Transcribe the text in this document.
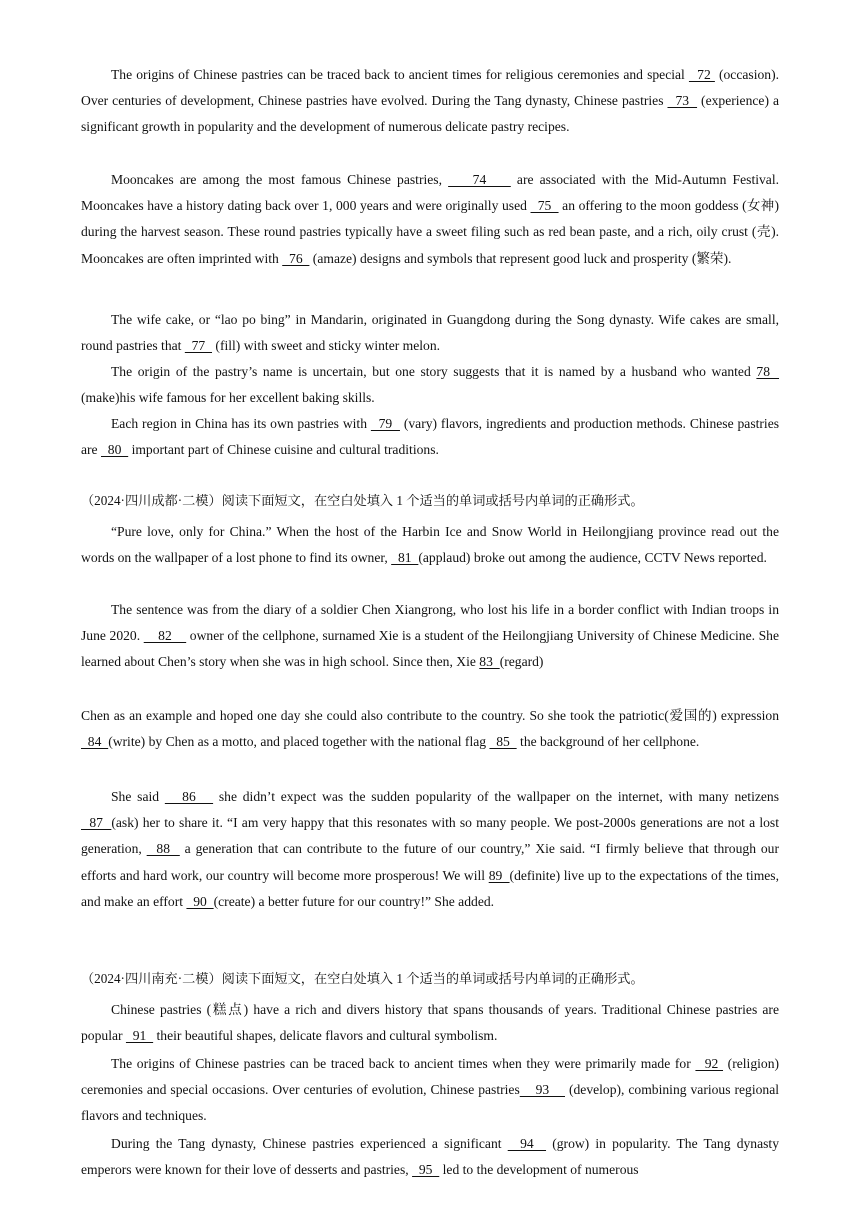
The origins of Chinese pastries can be traced back to ancient times for religious ceremonies and special   72  (occasion). Over centuries of development, Chinese pastries have evolved. During the Tang dynasty, Chinese pastries   73   (experience) a significant growth in popularity and the development of numerous delicate pastry recipes.

Mooncakes are among the most famous Chinese pastries,     74     are associated with the Mid-Autumn Festival. Mooncakes have a history dating back over 1, 000 years and were originally used   75   an offering to the moon goddess (女神) during the harvest season. These round pastries typically have a sweet filing such as red bean paste, and a rich, oily crust (壳). Mooncakes are often imprinted with   76   (amaze) designs and symbols that represent good luck and prosperity (繁荣).

The wife cake, or “lao po bing” in Mandarin, originated in Guangdong during the Song dynasty. Wife cakes are small, round pastries that   77   (fill) with sweet and sticky winter melon.

The origin of the pastry’s name is uncertain, but one story suggests that it is named by a husband who wanted 78   (make)his wife famous for her excellent baking skills.

Each region in China has its own pastries with   79   (vary) flavors, ingredients and production methods. Chinese pastries are   80   important part of Chinese cuisine and cultural traditions.

（2024·四川成都·二模）阅读下面短文，在空白处填入 1 个适当的单词或括号内单词的正确形式。

“Pure love, only for China.” When the host of the Harbin Ice and Snow World in Heilongjiang province read out the words on the wallpaper of a lost phone to find its owner,   81  (applaud) broke out among the audience, CCTV News reported.

The sentence was from the diary of a soldier Chen Xiangrong, who lost his life in a border conflict with Indian troops in June 2020.     82     owner of the cellphone, surnamed Xie is a student of the Heilongjiang University of Chinese Medicine. She learned about Chen’s story when she was in high school. Since then, Xie 83  (regard)

Chen as an example and hoped one day she could also contribute to the country. So she took the patriotic(爱国的) expression   84  (write) by Chen as a motto, and placed together with the national flag   85   the background of her cellphone.

She said    86    she didn’t expect was the sudden popularity of the wallpaper on the internet, with many netizens   87  (ask) her to share it. “I am very happy that this resonates with so many people. We post-2000s generations are not a lost generation,   88   a generation that can contribute to the future of our country,” Xie said. “I firmly believe that through our efforts and hard work, our country will become more prosperous! We will 89  (definite) live up to the expectations of the times, and make an effort   90  (create) a better future for our country!” She added.

（2024·四川南充·二模）阅读下面短文，在空白处填入 1 个适当的单词或括号内单词的正确形式。

Chinese pastries (糕点) have a rich and divers history that spans thousands of years. Traditional Chinese pastries are popular   91   their beautiful shapes, delicate flavors and cultural symbolism.

The origins of Chinese pastries can be traced back to ancient times when they were primarily made for   92  (religion) ceremonies and special occasions. Over centuries of evolution, Chinese pastries    93     (develop), combining various regional flavors and techniques.

During the Tang dynasty, Chinese pastries experienced a significant   94   (grow) in popularity. The Tang dynasty emperors were known for their love of desserts and pastries,   95   led to the development of numerous
